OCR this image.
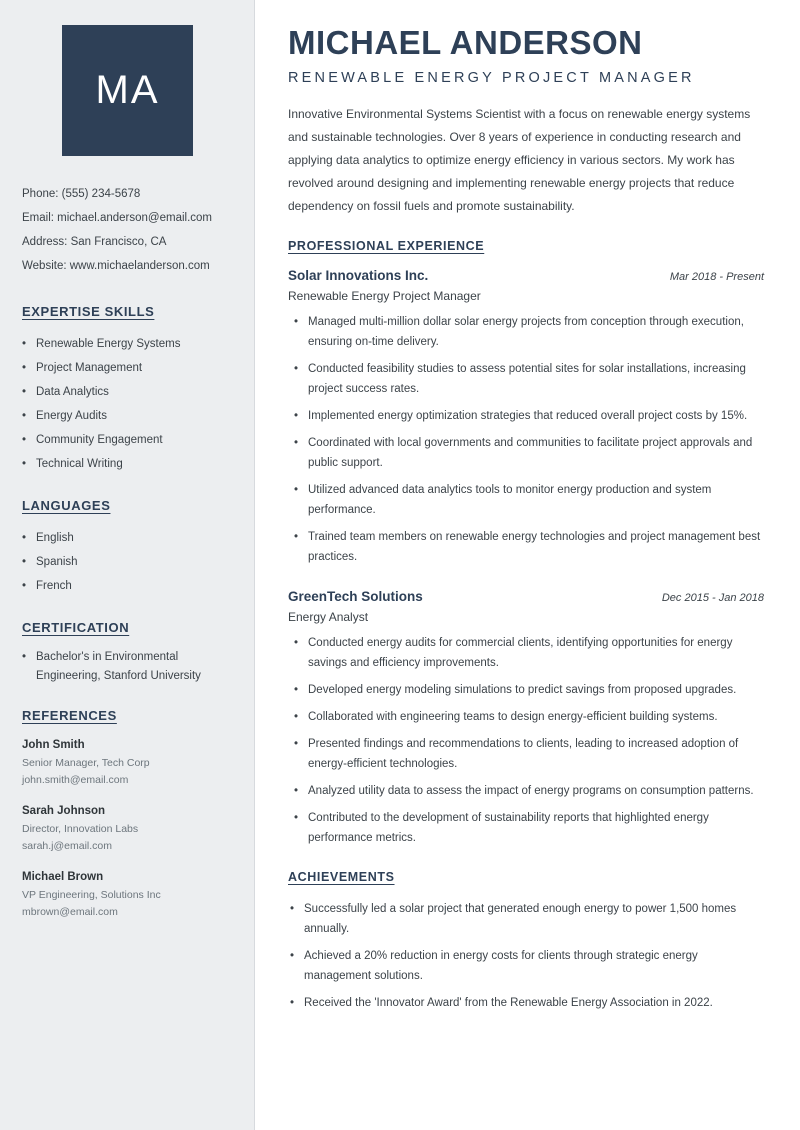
MA
Phone: (555) 234-5678
Email: michael.anderson@email.com
Address: San Francisco, CA
Website: www.michaelanderson.com
EXPERTISE SKILLS
• Renewable Energy Systems
• Project Management
• Data Analytics
• Energy Audits
• Community Engagement
• Technical Writing
LANGUAGES
• English
• Spanish
• French
CERTIFICATION
• Bachelor's in Environmental Engineering, Stanford University
REFERENCES
John Smith
Senior Manager, Tech Corp
john.smith@email.com
Sarah Johnson
Director, Innovation Labs
sarah.j@email.com
Michael Brown
VP Engineering, Solutions Inc
mbrown@email.com
MICHAEL ANDERSON
RENEWABLE ENERGY PROJECT MANAGER

Innovative Environmental Systems Scientist with a focus on renewable energy systems and sustainable technologies. Over 8 years of experience in conducting research and applying data analytics to optimize energy efficiency in various sectors. My work has revolved around designing and implementing renewable energy projects that reduce dependency on fossil fuels and promote sustainability.

PROFESSIONAL EXPERIENCE
Solar Innovations Inc.	Mar 2018 - Present
Renewable Energy Project Manager
• Managed multi-million dollar solar energy projects from conception through execution, ensuring on-time delivery.
• Conducted feasibility studies to assess potential sites for solar installations, increasing project success rates.
• Implemented energy optimization strategies that reduced overall project costs by 15%.
• Coordinated with local governments and communities to facilitate project approvals and public support.
• Utilized advanced data analytics tools to monitor energy production and system performance.
• Trained team members on renewable energy technologies and project management best practices.
GreenTech Solutions	Dec 2015 - Jan 2018
Energy Analyst
• Conducted energy audits for commercial clients, identifying opportunities for energy savings and efficiency improvements.
• Developed energy modeling simulations to predict savings from proposed upgrades.
• Collaborated with engineering teams to design energy-efficient building systems.
• Presented findings and recommendations to clients, leading to increased adoption of energy-efficient technologies.
• Analyzed utility data to assess the impact of energy programs on consumption patterns.
• Contributed to the development of sustainability reports that highlighted energy performance metrics.
ACHIEVEMENTS
• Successfully led a solar project that generated enough energy to power 1,500 homes annually.
• Achieved a 20% reduction in energy costs for clients through strategic energy management solutions.
• Received the 'Innovator Award' from the Renewable Energy Association in 2022.
